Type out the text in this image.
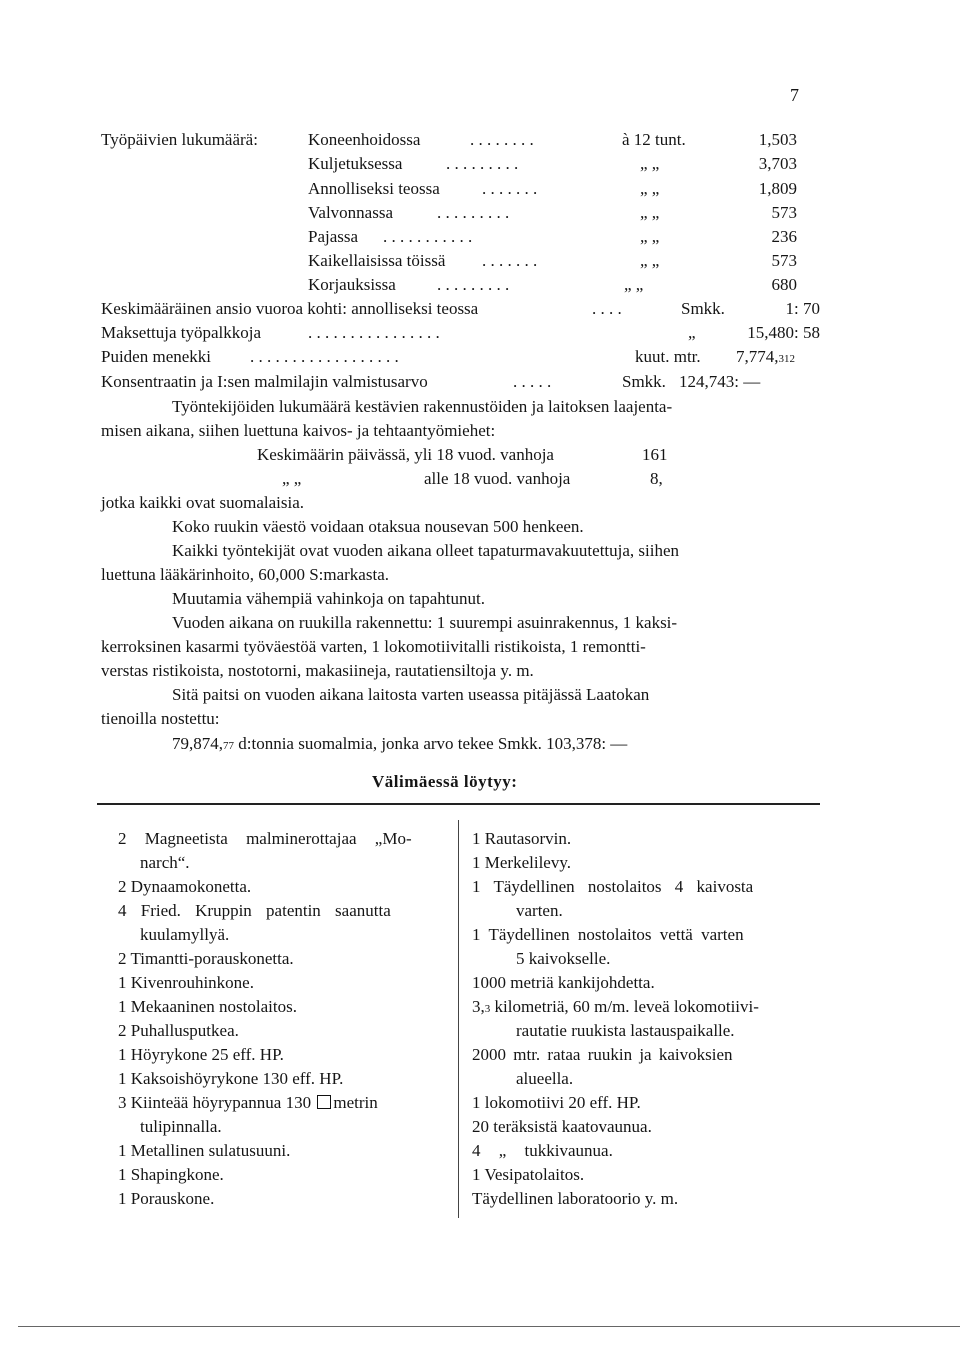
7
Työpäivien lukumäärä:	Koneenhoidossa	. . . . . . . .	à 12 tunt.	1,503
Kuljetuksessa	. . . . . . . . .	„ „	3,703
Annolliseksi teossa . . . . . . .	„ „	1,809
Valvonnassa	. . . . . . . . .	„ „	573
Pajassa . . . . . . . . . . .	„ „	236
Kaikellaisissa töissä . . . . . . .	„ „	573
Korjauksissa . . . . . . . . .	„ „	680
Keskimääräinen ansio vuoroa kohti: annolliseksi teossa	. . . .	Smkk.	1: 70
Maksettuja työpalkkoja	. . . . . . . . . . . . . . . .	„	15,480: 58
Puiden menekki . . . . . . . . . . . . . . . . . .	kuut. mtr. 7,774,312
Konsentraatin ja I:sen malmilajin valmistusarvo	. . . . .	Smkk. 124,743: —
Työntekijöiden lukumäärä kestävien rakennustöiden ja laitoksen laajenta-
misen aikana, siihen luettuna kaivos- ja tehtaantyömiehet:
Keskimäärin päivässä, yli 18 vuod. vanhoja	161
„ „	alle 18 vuod. vanhoja	8,
jotka kaikki ovat suomalaisia.
Koko ruukin väestö voidaan otaksua nousevan 500 henkeen.
Kaikki työntekijät ovat vuoden aikana olleet tapaturmavakuutettuja, siihen
luettuna lääkärinhoito, 60,000 S:markasta.
Muutamia vähempiä vahinkoja on tapahtunut.
Vuoden aikana on ruukilla rakennettu: 1 suurempi asuinrakennus, 1 kaksi-
kerroksinen kasarmi työväestöä varten, 1 lokomotiivitalli ristikoista, 1 remontti-
verstas ristikoista, nostotorni, makasiineja, rautatiensiltoja y. m.
Sitä paitsi on vuoden aikana laitosta varten useassa pitäjässä Laatokan
tienoilla nostettu:
79,874,77 d:tonnia suomalmia, jonka arvo tekee Smkk. 103,378: —
Välimäessä löytyy:
2 Magneetista malminerottajaa „Mo-
narch“.
2 Dynaamokonetta.
4 Fried. Kruppin patentin saanutta
kuulamyllyä.
2 Timantti-porauskonetta.
1 Kivenrouhinkone.
1 Mekaaninen nostolaitos.
2 Puhallusputkea.
1 Höyrykone 25 eff. HP.
1 Kaksoishöyrykone 130 eff. HP.
3 Kiinteää höyrypannua 130 metrin
tulipinnalla.
1 Metallinen sulatusuuni.
1 Shapingkone.
1 Porauskone.
1 Rautasorvin.
1 Merkelilevy.
1 Täydellinen nostolaitos 4 kaivosta
varten.
1 Täydellinen nostolaitos vettä varten
5 kaivokselle.
1000 metriä kankijohdetta.
3,3 kilometriä, 60 m/m. leveä lokomotiivi-
rautatie ruukista lastauspaikalle.
2000 mtr. rataa ruukin ja kaivoksien
alueella.
1 lokomotiivi 20 eff. HP.
20 teräksistä kaatovaunua.
4 „ tukkivaunua.
1 Vesipatolaitos.
Täydellinen laboratoorio y. m.
